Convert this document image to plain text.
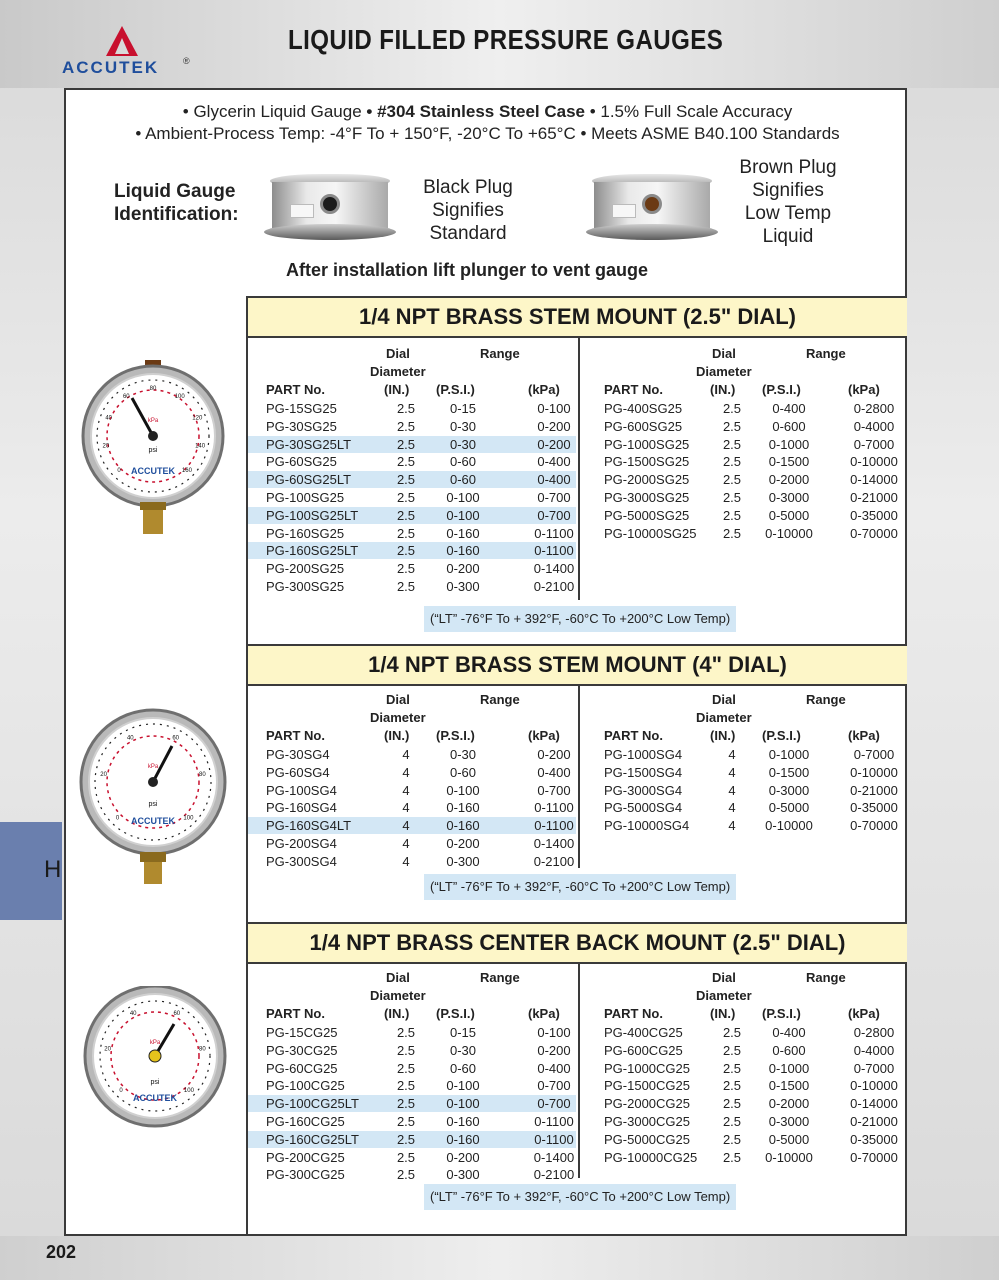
ACCUTEK	®
LIQUID FILLED PRESSURE GAUGES
H
• Glycerin Liquid Gauge • #304 Stainless Steel Case • 1.5% Full Scale Accuracy
• Ambient-Process Temp: -4°F To + 150°F, -20°C To +65°C • Meets ASME B40.100 Standards
Liquid Gauge
Identification:
Black Plug
Signifies
Standard
Brown Plug
Signifies
Low Temp
Liquid
After installation lift plunger to vent gauge
1/4 NPT BRASS STEM MOUNT (2.5" DIAL)
Dial	Range
Diameter
PART No.	(IN.) (P.S.I.)	(kPa)
PG-15SG25	2.5	0-15	0-100
PG-30SG25	2.5	0-30	0-200
PG-30SG25LT	2.5	0-30	0-200
PG-60SG25	2.5	0-60	0-400
PG-60SG25LT	2.5	0-60	0-400
PG-100SG25	2.5	0-100	0-700
PG-100SG25LT	2.5	0-100	0-700
PG-160SG25	2.5	0-160	0-1100
PG-160SG25LT	2.5	0-160	0-1100
PG-200SG25	2.5	0-200	0-1400
PG-300SG25	2.5	0-300	0-2100
Dial	Range
Diameter
PART No.	(IN.) (P.S.I.)	(kPa)
PG-400SG25	2.5	0-400	0-2800
PG-600SG25	2.5	0-600	0-4000
PG-1000SG25	2.5	0-1000	0-7000
PG-1500SG25	2.5	0-1500	0-10000
PG-2000SG25	2.5	0-2000	0-14000
PG-3000SG25	2.5	0-3000	0-21000
PG-5000SG25	2.5	0-5000	0-35000
PG-10000SG25	2.5	0-10000	0-70000
(“LT” -76°F To + 392°F, -60°C To +200°C Low Temp)
1/4 NPT BRASS STEM MOUNT (4" DIAL)
Dial	Range
Diameter
PART No.	(IN.) (P.S.I.)	(kPa)
PG-30SG4	4	0-30	0-200
PG-60SG4	4	0-60	0-400
PG-100SG4	4	0-100	0-700
PG-160SG4	4	0-160	0-1100
PG-160SG4LT	4	0-160	0-1100
PG-200SG4	4	0-200	0-1400
PG-300SG4	4	0-300	0-2100
Dial	Range
Diameter
PART No.	(IN.) (P.S.I.)	(kPa)
PG-1000SG4	4	0-1000	0-7000
PG-1500SG4	4	0-1500	0-10000
PG-3000SG4	4	0-3000	0-21000
PG-5000SG4	4	0-5000	0-35000
PG-10000SG4	4	0-10000	0-70000
(“LT” -76°F To + 392°F, -60°C To +200°C Low Temp)
1/4 NPT BRASS CENTER BACK MOUNT (2.5" DIAL)
Dial	Range
Diameter
PART No.	(IN.) (P.S.I.)	(kPa)
PG-15CG25	2.5	0-15	0-100
PG-30CG25	2.5	0-30	0-200
PG-60CG25	2.5	0-60	0-400
PG-100CG25	2.5	0-100	0-700
PG-100CG25LT	2.5	0-100	0-700
PG-160CG25	2.5	0-160	0-1100
PG-160CG25LT	2.5	0-160	0-1100
PG-200CG25	2.5	0-200	0-1400
PG-300CG25	2.5	0-300	0-2100
Dial	Range
Diameter
PART No.	(IN.) (P.S.I.)	(kPa)
PG-400CG25	2.5	0-400	0-2800
PG-600CG25	2.5	0-600	0-4000
PG-1000CG25	2.5	0-1000	0-7000
PG-1500CG25	2.5	0-1500	0-10000
PG-2000CG25	2.5	0-2000	0-14000
PG-3000CG25	2.5	0-3000	0-21000
PG-5000CG25	2.5	0-5000	0-35000
PG-10000CG25	2.5	0-10000	0-70000
(“LT” -76°F To + 392°F, -60°C To +200°C Low Temp)
ACCUTEK
psi
kPa
0
20
40
60
80
100
120
140
160
ACCUTEK
psi
kPa
0
20
40	60
80
100
ACCUTEK
psi
kPa
0
20
40	60
80
100
202
